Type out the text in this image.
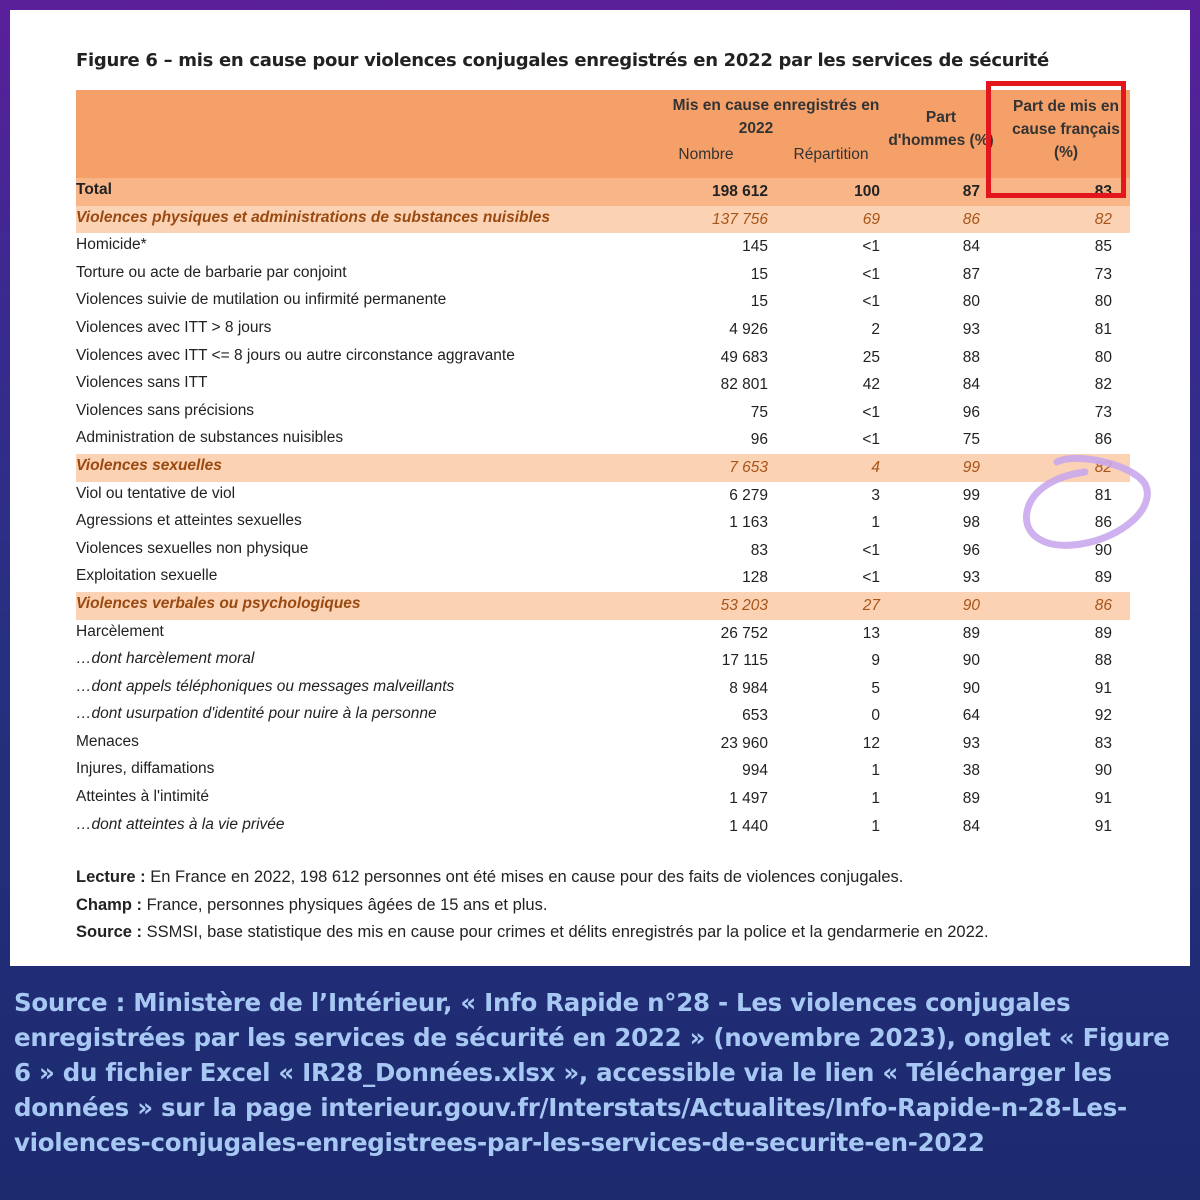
Figure 6 – mis en cause pour violences conjugales enregistrés en 2022 par les services de sécurité
Mis en cause enregistrés en
2022
Nombre	Répartition
Part
d'hommes (%)
Part de mis en
cause français
(%)
Total	198 612	100	87	83
Violences physiques et administrations de substances nuisibles	137 756	69	86	82
Homicide*	145	<1	84	85
Torture ou acte de barbarie par conjoint	15	<1	87	73
Violences suivie de mutilation ou infirmité permanente	15	<1	80	80
Violences avec ITT > 8 jours	4 926	2	93	81
Violences avec ITT <= 8 jours ou autre circonstance aggravante	49 683	25	88	80
Violences sans ITT	82 801	42	84	82
Violences sans précisions	75	<1	96	73
Administration de substances nuisibles	96	<1	75	86
Violences sexuelles	7 653	4	99	82
Viol ou tentative de viol	6 279	3	99	81
Agressions et atteintes sexuelles	1 163	1	98	86
Violences sexuelles non physique	83	<1	96	90
Exploitation sexuelle	128	<1	93	89
Violences verbales ou psychologiques	53 203	27	90	86
Harcèlement	26 752	13	89	89
…dont harcèlement moral	17 115	9	90	88
…dont appels téléphoniques ou messages malveillants	8 984	5	90	91
…dont usurpation d'identité pour nuire à la personne	653	0	64	92
Menaces	23 960	12	93	83
Injures, diffamations	994	1	38	90
Atteintes à l'intimité	1 497	1	89	91
…dont atteintes à la vie privée	1 440	1	84	91
Lecture : En France en 2022, 198 612 personnes ont été mises en cause pour des faits de violences conjugales.
Champ : France, personnes physiques âgées de 15 ans et plus.
Source : SSMSI, base statistique des mis en cause pour crimes et délits enregistrés par la police et la gendarmerie en 2022.

Source : Ministère de l’Intérieur, « Info Rapide n°28 - Les violences conjugales enregistrées par les services de sécurité en 2022 » (novembre 2023), onglet « Figure 6 » du fichier Excel « IR28_Données.xlsx », accessible via le lien « Télécharger les données » sur la page interieur.gouv.fr/Interstats/Actualites/Info-Rapide-n-28-Les-violences-conjugales-enregistrees-par-les-services-de-securite-en-2022
